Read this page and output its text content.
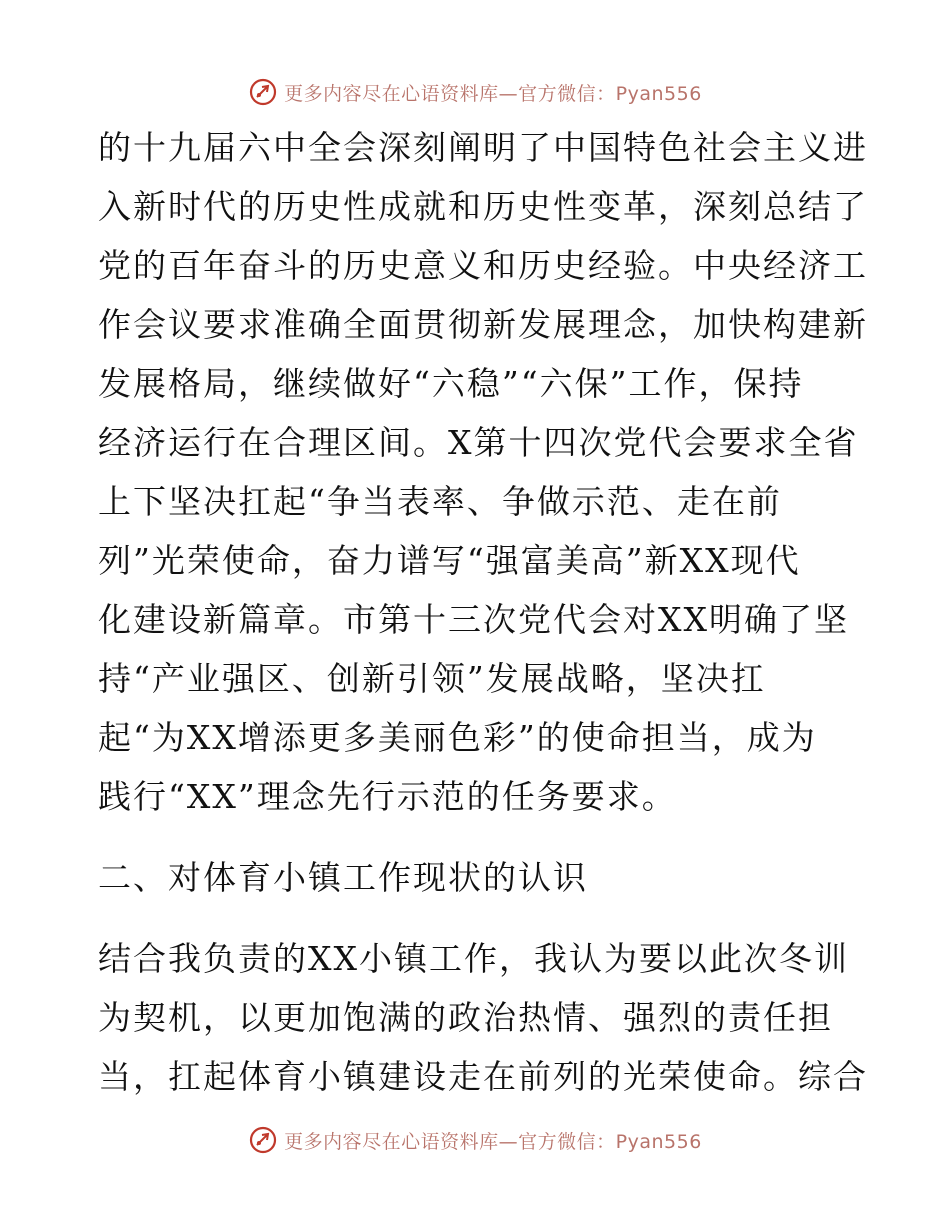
更多内容尽在心语资料库—官方微信：Pyan556
的十九届六中全会深刻阐明了中国特色社会主义进
入新时代的历史性成就和历史性变革，深刻总结了
党的百年奋斗的历史意义和历史经验。中央经济工
作会议要求准确全面贯彻新发展理念，加快构建新
发展格局，继续做好“六稳”“六保”工作，保持
经济运行在合理区间。X第十四次党代会要求全省
上下坚决扛起“争当表率、争做示范、走在前
列”光荣使命，奋力谱写“强富美高”新XX现代
化建设新篇章。市第十三次党代会对XX明确了坚
持“产业强区、创新引领”发展战略，坚决扛
起“为XX增添更多美丽色彩”的使命担当，成为
践行“XX”理念先行示范的任务要求。
二、对体育小镇工作现状的认识
结合我负责的XX小镇工作，我认为要以此次冬训
为契机，以更加饱满的政治热情、强烈的责任担
当，扛起体育小镇建设走在前列的光荣使命。综合
更多内容尽在心语资料库—官方微信：Pyan556
